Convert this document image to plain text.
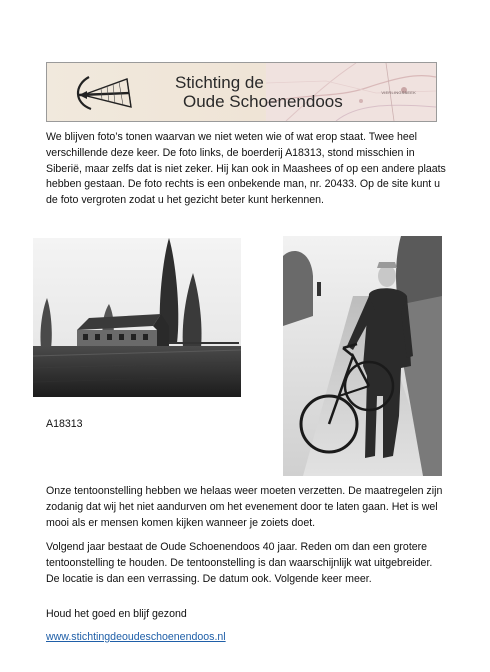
VIERLINGSBEEK
Stichting de
Oude Schoenendoos

We blijven foto’s tonen waarvan we niet weten wie of wat erop staat. Twee heel verschillende deze keer. De foto links, de boerderij A18313, stond misschien in Siberië, maar zelfs dat is niet zeker. Hij kan ook in Maashees of op een andere plaats hebben gestaan. De foto rechts is een onbekende man, nr. 20433. Op de site kunt u de foto vergroten zodat u het gezicht beter kunt herkennen.

A18313

Onze tentoonstelling hebben we helaas weer moeten verzetten. De maatregelen zijn zodanig dat wij het niet aandurven om het evenement door te laten gaan. Het is wel mooi als er mensen komen kijken wanneer je zoiets doet.

Volgend jaar bestaat de Oude Schoenendoos 40 jaar. Reden om dan een grotere tentoonstelling te houden. De tentoonstelling is dan waarschijnlijk wat uitgebreider. De locatie is dan een verrassing. De datum ook. Volgende keer meer.

Houd het goed en blijf gezond

www.stichtingdeoudeschoenendoos.nl
